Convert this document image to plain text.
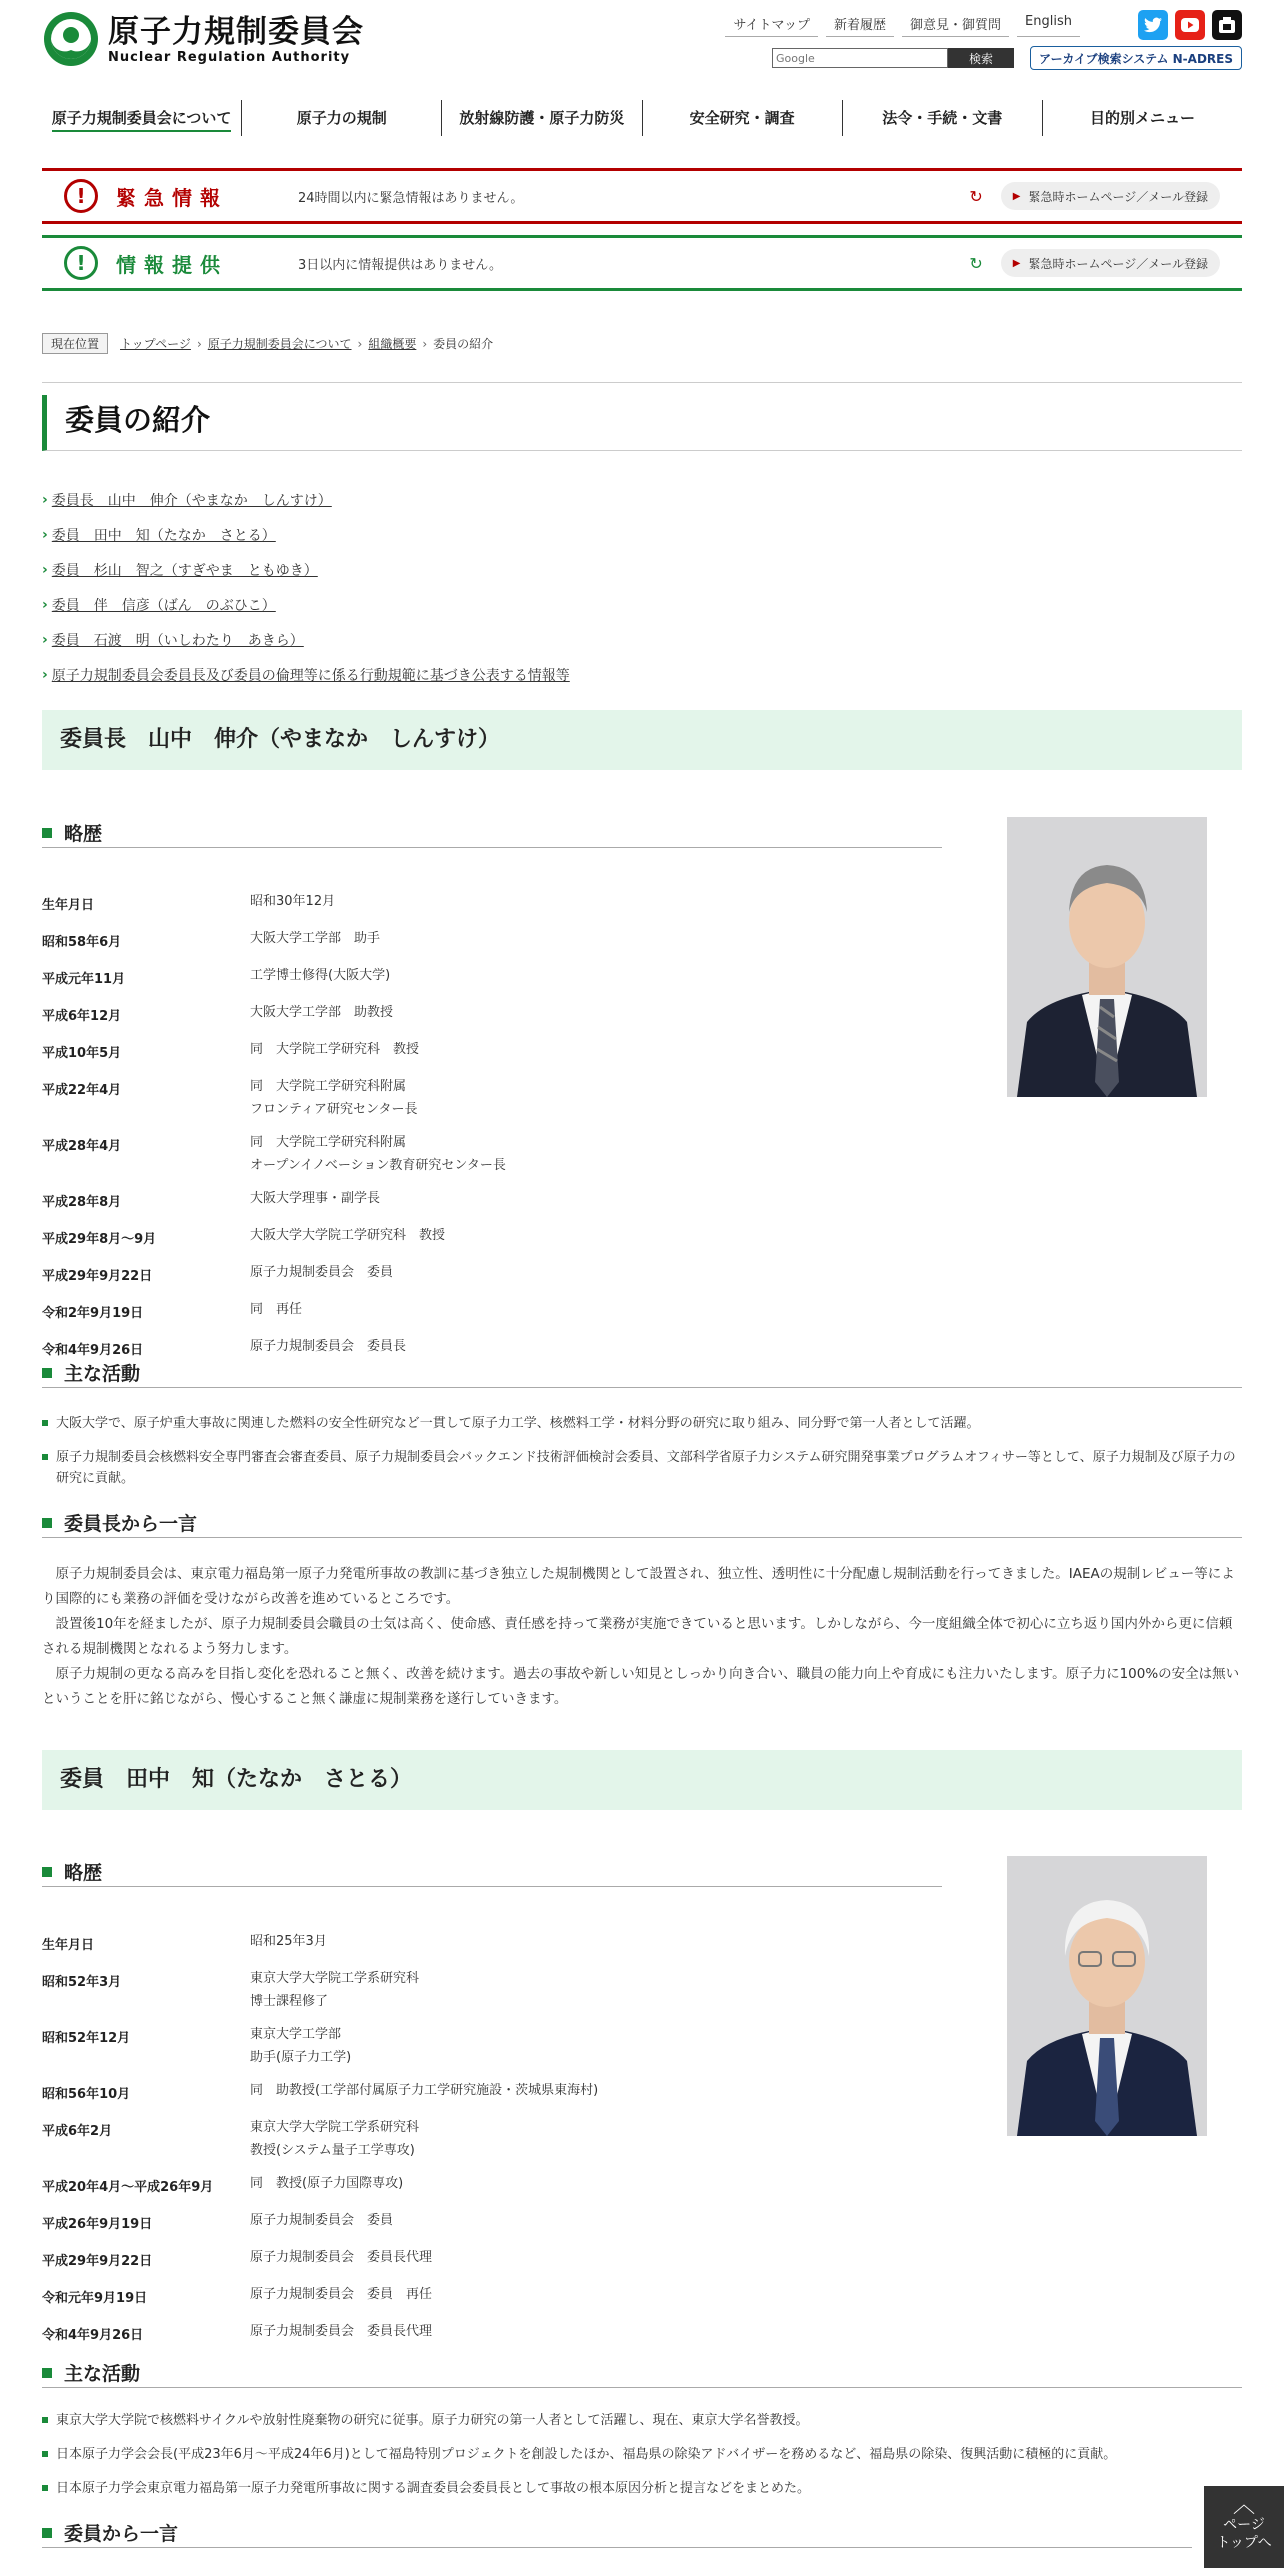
原子力規制委員会
Nuclear Regulation Authority
サイトマップ	新着履歴	御意見・御質問	English
Google
検索	アーカイブ検索システム N-ADRES
原子力規制委員会について	原子力の規制	放射線防護・原子力防災	安全研究・調査	法令・手続・文書	目的別メニュー
!	緊急情報	24時間以内に緊急情報はありません。	↻	▶ 緊急時ホームページ／メール登録
!	情報提供	3日以内に情報提供はありません。	↻	▶ 緊急時ホームページ／メール登録
現在位置	トップページ › 原子力規制委員会について › 組織概要 › 委員の紹介
委員の紹介
› 委員長　山中　伸介（やまなか　しんすけ）
› 委員　田中　知（たなか　さとる）
› 委員　杉山　智之（すぎやま　ともゆき）
› 委員　伴　信彦（ばん　のぶひこ）
› 委員　石渡　明（いしわたり　あきら）
› 原子力規制委員会委員長及び委員の倫理等に係る行動規範に基づき公表する情報等
委員長　山中　伸介（やまなか　しんすけ）
略歴
生年月日	昭和30年12月
昭和58年6月	大阪大学工学部　助手
平成元年11月	工学博士修得(大阪大学)
平成6年12月	大阪大学工学部　助教授
平成10年5月	同　大学院工学研究科　教授
平成22年4月	同　大学院工学研究科附属
フロンティア研究センター長
平成28年4月	同　大学院工学研究科附属
オープンイノベーション教育研究センター長
平成28年8月	大阪大学理事・副学長
平成29年8月〜9月	大阪大学大学院工学研究科　教授
平成29年9月22日	原子力規制委員会　委員
令和2年9月19日	同　再任
令和4年9月26日	原子力規制委員会　委員長
主な活動
大阪大学で、原子炉重大事故に関連した燃料の安全性研究など一貫して原子力工学、核燃料工学・材料分野の研究に取り組み、同分野で第一人者として活躍。
原子力規制委員会核燃料安全専門審査会審査委員、原子力規制委員会バックエンド技術評価検討会委員、文部科学省原子力システム研究開発事業プログラムオフィサー等として、原子力規制及び原子力の研究に貢献。
委員長から一言

原子力規制委員会は、東京電力福島第一原子力発電所事故の教訓に基づき独立した規制機関として設置され、独立性、透明性に十分配慮し規制活動を行ってきました。IAEAの規制レビュー等により国際的にも業務の評価を受けながら改善を進めているところです。

設置後10年を経ましたが、原子力規制委員会職員の士気は高く、使命感、責任感を持って業務が実施できていると思います。しかしながら、今一度組織全体で初心に立ち返り国内外から更に信頼される規制機関となれるよう努力します。

原子力規制の更なる高みを目指し変化を恐れること無く、改善を続けます。過去の事故や新しい知見としっかり向き合い、職員の能力向上や育成にも注力いたします。原子力に100%の安全は無いということを肝に銘じながら、慢心すること無く謙虚に規制業務を遂行していきます。

委員　田中　知（たなか　さとる）
略歴
生年月日	昭和25年3月
昭和52年3月	東京大学大学院工学系研究科
博士課程修了
昭和52年12月	東京大学工学部
助手(原子力工学)
昭和56年10月	同　助教授(工学部付属原子力工学研究施設・茨城県東海村)
平成6年2月	東京大学大学院工学系研究科
教授(システム量子工学専攻)
平成20年4月〜平成26年9月	同　教授(原子力国際専攻)
平成26年9月19日	原子力規制委員会　委員
平成29年9月22日	原子力規制委員会　委員長代理
令和元年9月19日	原子力規制委員会　委員　再任
令和4年9月26日	原子力規制委員会　委員長代理
主な活動
東京大学大学院で核燃料サイクルや放射性廃棄物の研究に従事。原子力研究の第一人者として活躍し、現在、東京大学名誉教授。
日本原子力学会会長(平成23年6月〜平成24年6月)として福島特別プロジェクトを創設したほか、福島県の除染アドバイザーを務めるなど、福島県の除染、復興活動に積極的に貢献。
日本原子力学会東京電力福島第一原子力発電所事故に関する調査委員会委員長として事故の根本原因分析と提言などをまとめた。
委員から一言
︿
ページ
トップへ
